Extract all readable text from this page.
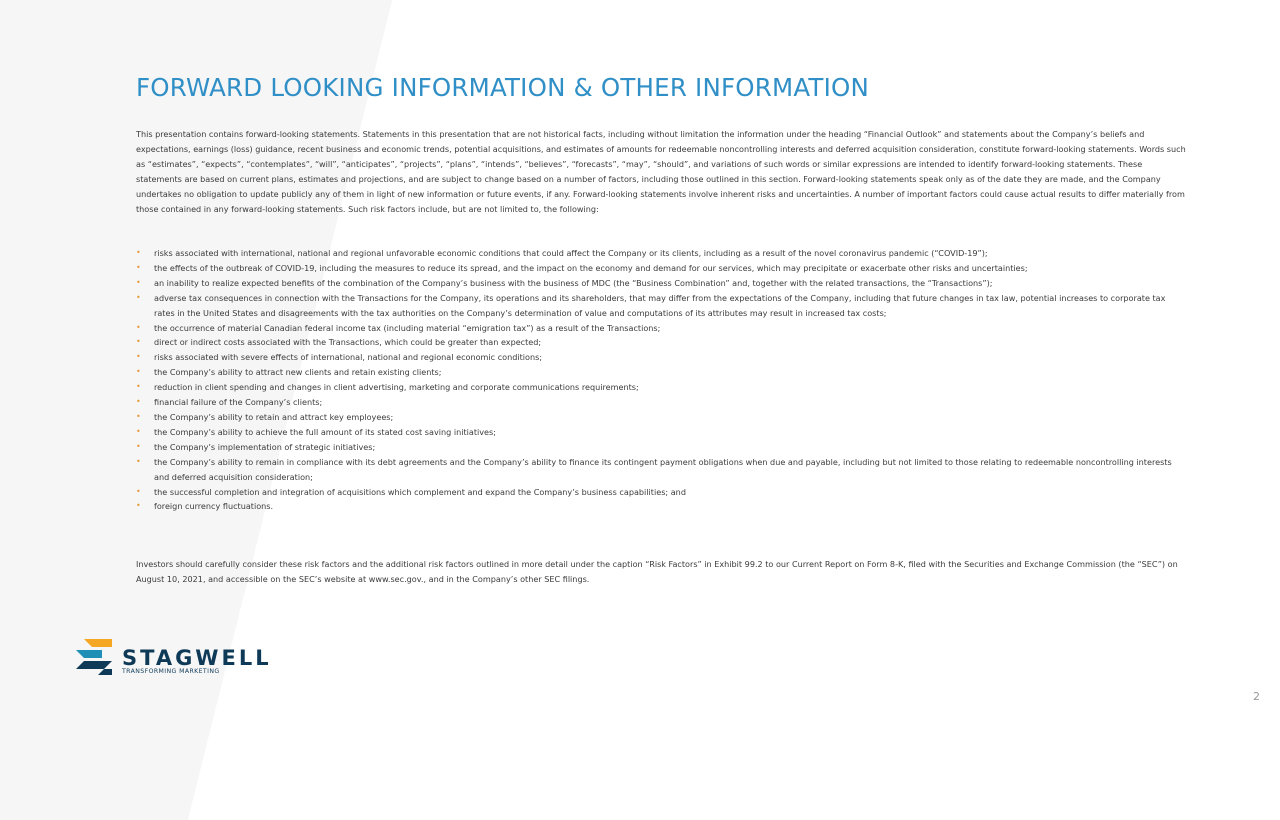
FORWARD LOOKING INFORMATION & OTHER INFORMATION

This presentation contains forward-looking statements. Statements in this presentation that are not historical facts, including without limitation the information under the heading “Financial Outlook” and statements about the Company’s beliefs and expectations, earnings (loss) guidance, recent business and economic trends, potential acquisitions, and estimates of amounts for redeemable noncontrolling interests and deferred acquisition consideration, constitute forward-looking statements. Words such as “estimates”, “expects”, “contemplates”, “will”, “anticipates”, “projects”, “plans”, “intends”, “believes”, “forecasts”, “may”, “should”, and variations of such words or similar expressions are intended to identify forward-looking statements. These statements are based on current plans, estimates and projections, and are subject to change based on a number of factors, including those outlined in this section. Forward-looking statements speak only as of the date they are made, and the Company undertakes no obligation to update publicly any of them in light of new information or future events, if any. Forward-looking statements involve inherent risks and uncertainties. A number of important factors could cause actual results to differ materially from those contained in any forward-looking statements. Such risk factors include, but are not limited to, the following:

• risks associated with international, national and regional unfavorable economic conditions that could affect the Company or its clients, including as a result of the novel coronavirus pandemic (“COVID-19”);
• the effects of the outbreak of COVID-19, including the measures to reduce its spread, and the impact on the economy and demand for our services, which may precipitate or exacerbate other risks and uncertainties;
• an inability to realize expected benefits of the combination of the Company’s business with the business of MDC (the “Business Combination” and, together with the related transactions, the “Transactions”);
• adverse tax consequences in connection with the Transactions for the Company, its operations and its shareholders, that may differ from the expectations of the Company, including that future changes in tax law, potential increases to corporate tax rates in the United States and disagreements with the tax authorities on the Company’s determination of value and computations of its attributes may result in increased tax costs;
• the occurrence of material Canadian federal income tax (including material “emigration tax”) as a result of the Transactions;
• direct or indirect costs associated with the Transactions, which could be greater than expected;
• risks associated with severe effects of international, national and regional economic conditions;
• the Company’s ability to attract new clients and retain existing clients;
• reduction in client spending and changes in client advertising, marketing and corporate communications requirements;
• financial failure of the Company’s clients;
• the Company’s ability to retain and attract key employees;
• the Company’s ability to achieve the full amount of its stated cost saving initiatives;
• the Company’s implementation of strategic initiatives;
• the Company’s ability to remain in compliance with its debt agreements and the Company’s ability to finance its contingent payment obligations when due and payable, including but not limited to those relating to redeemable noncontrolling interests and deferred acquisition consideration;
• the successful completion and integration of acquisitions which complement and expand the Company’s business capabilities; and
• foreign currency fluctuations.

Investors should carefully consider these risk factors and the additional risk factors outlined in more detail under the caption “Risk Factors” in Exhibit 99.2 to our Current Report on Form 8-K, filed with the Securities and Exchange Commission (the “SEC”) on August 10, 2021, and accessible on the SEC’s website at www.sec.gov., and in the Company’s other SEC filings.

STAGWELL
TRANSFORMING MARKETING
2
